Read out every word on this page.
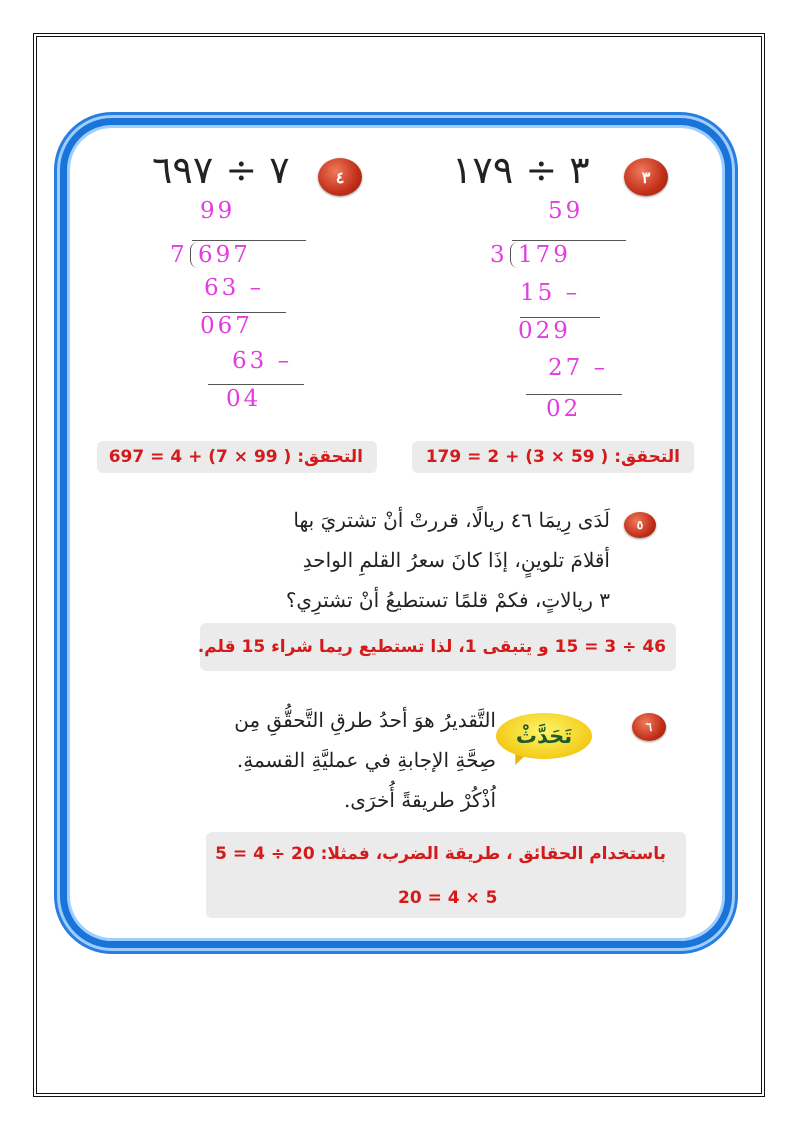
٣
٣ ÷ ١٧٩
59
3 179
15 –
029
27 –
02
التحقق: ( 59 × 3) + 2 = 179
٤
٧ ÷ ٦٩٧
99
7 697
63 –
067
63 –
04
التحقق: ( 99 × 7) + 4 = 697
٥
لَدَى رِيمَا ٤٦ ريالًا، قررتْ أنْ تشتريَ بها
أقلامَ تلوينٍ، إذَا كانَ سعرُ القلمِ الواحدِ
٣ ريالاتٍ، فكمْ قلمًا تستطيعُ أنْ تشترِي؟
46 ÷ 3 = 15 و يتبقى 1، لذا تستطيع ريما شراء 15 قلم.
٦
تَحَدَّثْ
التَّقديرُ هوَ أحدُ طرقِ التَّحقُّقِ مِن
صِحَّةِ الإجابةِ في عمليَّةِ القسمةِ.
اُذْكُرْ طريقةً أُخرَى.
باستخدام الحقائق ، طريقة الضرب، فمثلا: 20 ÷ 4 = 5
20 = 4 × 5
